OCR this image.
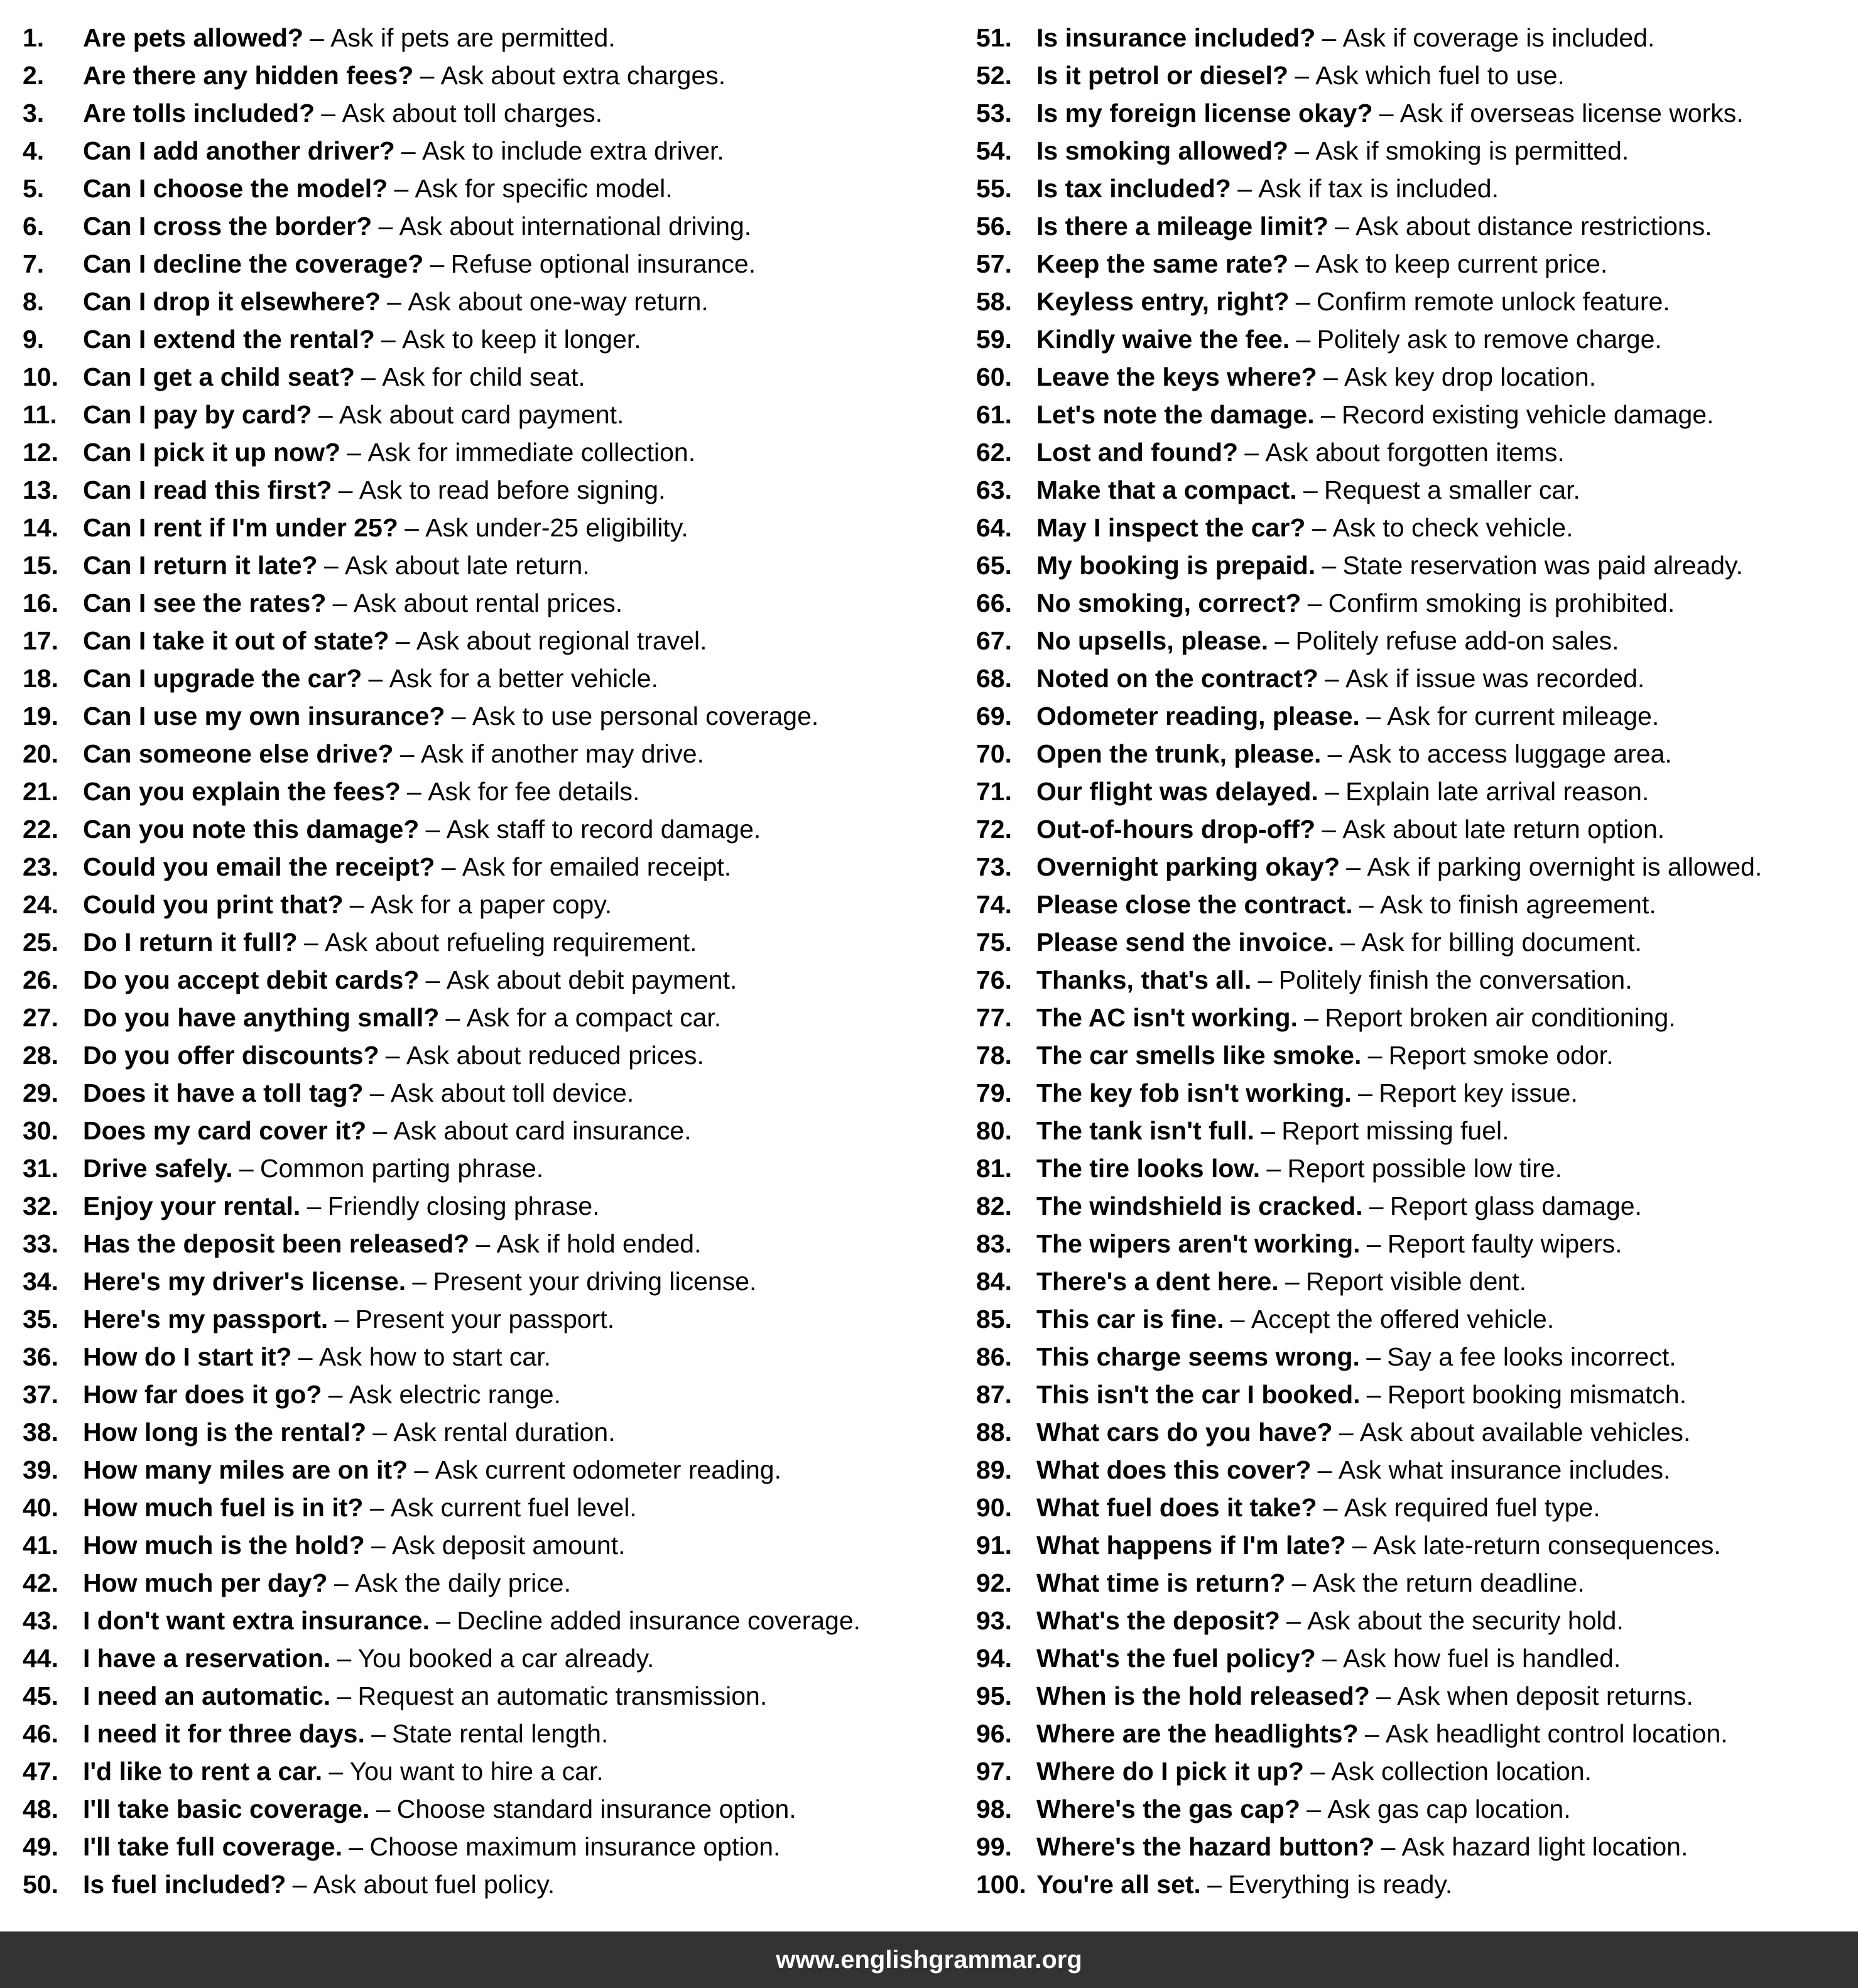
1.	Are pets allowed? – Ask if pets are permitted.
2.	Are there any hidden fees? – Ask about extra charges.
3.	Are tolls included? – Ask about toll charges.
4.	Can I add another driver? – Ask to include extra driver.
5.	Can I choose the model? – Ask for specific model.
6.	Can I cross the border? – Ask about international driving.
7.	Can I decline the coverage? – Refuse optional insurance.
8.	Can I drop it elsewhere? – Ask about one-way return.
9.	Can I extend the rental? – Ask to keep it longer.
10. Can I get a child seat? – Ask for child seat.
11.	Can I pay by card? – Ask about card payment.
12. Can I pick it up now? – Ask for immediate collection.
13. Can I read this first? – Ask to read before signing.
14. Can I rent if I'm under 25? – Ask under-25 eligibility.
15. Can I return it late? – Ask about late return.
16. Can I see the rates? – Ask about rental prices.
17. Can I take it out of state? – Ask about regional travel.
18. Can I upgrade the car? – Ask for a better vehicle.
19. Can I use my own insurance? – Ask to use personal coverage.
20. Can someone else drive? – Ask if another may drive.
21. Can you explain the fees? – Ask for fee details.
22. Can you note this damage? – Ask staff to record damage.
23. Could you email the receipt? – Ask for emailed receipt.
24. Could you print that? – Ask for a paper copy.
25. Do I return it full? – Ask about refueling requirement.
26. Do you accept debit cards? – Ask about debit payment.
27. Do you have anything small? – Ask for a compact car.
28. Do you offer discounts? – Ask about reduced prices.
29. Does it have a toll tag? – Ask about toll device.
30. Does my card cover it? – Ask about card insurance.
31. Drive safely. – Common parting phrase.
32. Enjoy your rental. – Friendly closing phrase.
33. Has the deposit been released? – Ask if hold ended.
34. Here's my driver's license. – Present your driving license.
35. Here's my passport. – Present your passport.
36. How do I start it? – Ask how to start car.
37. How far does it go? – Ask electric range.
38. How long is the rental? – Ask rental duration.
39. How many miles are on it? – Ask current odometer reading.
40. How much fuel is in it? – Ask current fuel level.
41. How much is the hold? – Ask deposit amount.
42. How much per day? – Ask the daily price.
43. I don't want extra insurance. – Decline added insurance coverage.
44. I have a reservation. – You booked a car already.
45. I need an automatic. – Request an automatic transmission.
46. I need it for three days. – State rental length.
47. I'd like to rent a car. – You want to hire a car.
48. I'll take basic coverage. – Choose standard insurance option.
49. I'll take full coverage. – Choose maximum insurance option.
50. Is fuel included? – Ask about fuel policy.
51. Is insurance included? – Ask if coverage is included.
52. Is it petrol or diesel? – Ask which fuel to use.
53. Is my foreign license okay? – Ask if overseas license works.
54. Is smoking allowed? – Ask if smoking is permitted.
55. Is tax included? – Ask if tax is included.
56. Is there a mileage limit? – Ask about distance restrictions.
57. Keep the same rate? – Ask to keep current price.
58. Keyless entry, right? – Confirm remote unlock feature.
59. Kindly waive the fee. – Politely ask to remove charge.
60. Leave the keys where? – Ask key drop location.
61. Let's note the damage. – Record existing vehicle damage.
62. Lost and found? – Ask about forgotten items.
63. Make that a compact. – Request a smaller car.
64. May I inspect the car? – Ask to check vehicle.
65. My booking is prepaid. – State reservation was paid already.
66. No smoking, correct? – Confirm smoking is prohibited.
67. No upsells, please. – Politely refuse add-on sales.
68. Noted on the contract? – Ask if issue was recorded.
69. Odometer reading, please. – Ask for current mileage.
70. Open the trunk, please. – Ask to access luggage area.
71. Our flight was delayed. – Explain late arrival reason.
72. Out-of-hours drop-off? – Ask about late return option.
73. Overnight parking okay? – Ask if parking overnight is allowed.
74. Please close the contract. – Ask to finish agreement.
75. Please send the invoice. – Ask for billing document.
76. Thanks, that's all. – Politely finish the conversation.
77. The AC isn't working. – Report broken air conditioning.
78. The car smells like smoke. – Report smoke odor.
79. The key fob isn't working. – Report key issue.
80. The tank isn't full. – Report missing fuel.
81. The tire looks low. – Report possible low tire.
82. The windshield is cracked. – Report glass damage.
83. The wipers aren't working. – Report faulty wipers.
84. There's a dent here. – Report visible dent.
85. This car is fine. – Accept the offered vehicle.
86. This charge seems wrong. – Say a fee looks incorrect.
87. This isn't the car I booked. – Report booking mismatch.
88. What cars do you have? – Ask about available vehicles.
89. What does this cover? – Ask what insurance includes.
90. What fuel does it take? – Ask required fuel type.
91. What happens if I'm late? – Ask late-return consequences.
92. What time is return? – Ask the return deadline.
93. What's the deposit? – Ask about the security hold.
94. What's the fuel policy? – Ask how fuel is handled.
95. When is the hold released? – Ask when deposit returns.
96. Where are the headlights? – Ask headlight control location.
97. Where do I pick it up? – Ask collection location.
98. Where's the gas cap? – Ask gas cap location.
99. Where's the hazard button? – Ask hazard light location.
100. You're all set. – Everything is ready.
www.englishgrammar.org
